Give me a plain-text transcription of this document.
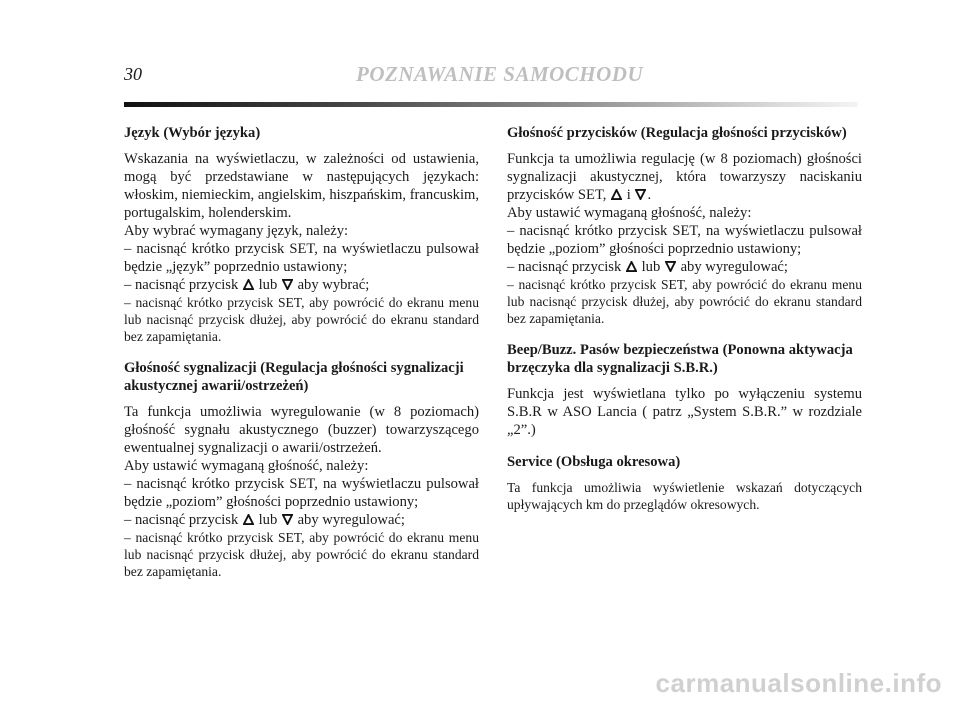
30	POZNAWANIE SAMOCHODU
Język (Wybór języka)

Wskazania na wyświetlaczu, w zależności od ustawienia, mogą być przedstawiane w następujących językach: włoskim, niemieckim, angielskim, hiszpańskim, francuskim, portugalskim, holenderskim.

Aby wybrać wymagany język, należy:

– nacisnąć krótko przycisk SET, na wyświetlaczu pulsował będzie „język” poprzednio ustawiony;

– nacisnąć przycisk lub aby wybrać;

– nacisnąć krótko przycisk SET, aby powrócić do ekranu menu lub nacisnąć przycisk dłużej, aby powrócić do ekranu standard bez zapamiętania.

Głośność sygnalizacji (Regulacja głośności sygnalizacji akustycznej awarii/ostrzeżeń)

Ta funkcja umożliwia wyregulowanie (w 8 poziomach) głośność sygnału akustycznego (buzzer) towarzyszącego ewentualnej sygnalizacji o awarii/ostrzeżeń.

Aby ustawić wymaganą głośność, należy:

– nacisnąć krótko przycisk SET, na wyświetlaczu pulsował będzie „poziom” głośności poprzednio ustawiony;

– nacisnąć przycisk lub aby wyregulować;

– nacisnąć krótko przycisk SET, aby powrócić do ekranu menu lub nacisnąć przycisk dłużej, aby powrócić do ekranu standard bez zapamiętania.

Głośność przycisków (Regulacja głośności przycisków)

Funkcja ta umożliwia regulację (w 8 poziomach) głośności sygnalizacji akustycznej, która towarzyszy naciskaniu przycisków SET, i .

Aby ustawić wymaganą głośność, należy:

– nacisnąć krótko przycisk SET, na wyświetlaczu pulsował będzie „poziom” głośności poprzednio ustawiony;

– nacisnąć przycisk lub aby wyregulować;

– nacisnąć krótko przycisk SET, aby powrócić do ekranu menu lub nacisnąć przycisk dłużej, aby powrócić do ekranu standard bez zapamiętania.

Beep/Buzz. Pasów bezpieczeństwa (Ponowna aktywacja brzęczyka dla sygnalizacji S.B.R.)

Funkcja jest wyświetlana tylko po wyłączeniu systemu S.B.R w ASO Lancia ( patrz „System S.B.R.” w rozdziale „2”.)

Service (Obsługa okresowa)

Ta funkcja umożliwia wyświetlenie wskazań dotyczących upływających km do przeglądów okresowych.

carmanualsonline.info
